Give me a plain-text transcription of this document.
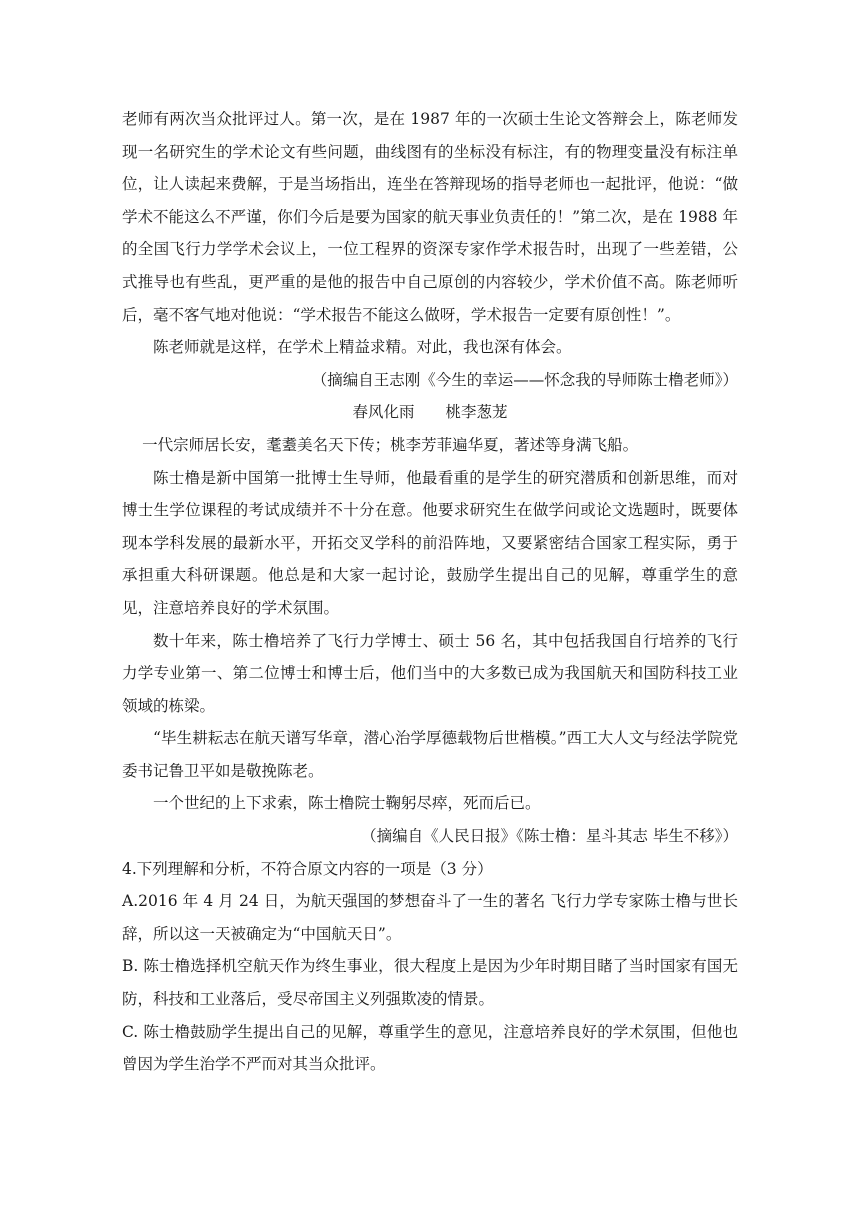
老师有两次当众批评过人。第一次，是在 1987 年的一次硕士生论文答辩会上，陈老师发现一名研究生的学术论文有些问题，曲线图有的坐标没有标注，有的物理变量没有标注单位，让人读起来费解，于是当场指出，连坐在答辩现场的指导老师也一起批评，他说：“做学术不能这么不严谨，你们今后是要为国家的航天事业负责任的！”第二次，是在 1988 年的全国飞行力学学术会议上，一位工程界的资深专家作学术报告时，出现了一些差错，公式推导也有些乱，更严重的是他的报告中自己原创的内容较少，学术价值不高。陈老师听后，毫不客气地对他说：“学术报告不能这么做呀，学术报告一定要有原创性！”。

陈老师就是这样，在学术上精益求精。对此，我也深有体会。

（摘编自王志刚《今生的幸运——怀念我的导师陈士橹老师》）

春风化雨 桃李葱茏

一代宗师居长安，耄耋美名天下传；桃李芳菲遍华夏，著述等身满飞船。

陈士橹是新中国第一批博士生导师，他最看重的是学生的研究潜质和创新思维，而对博士生学位课程的考试成绩并不十分在意。他要求研究生在做学问或论文选题时，既要体现本学科发展的最新水平，开拓交叉学科的前沿阵地，又要紧密结合国家工程实际，勇于承担重大科研课题。他总是和大家一起讨论，鼓励学生提出自己的见解，尊重学生的意见，注意培养良好的学术氛围。

数十年来，陈士橹培养了飞行力学博士、硕士 56 名，其中包括我国自行培养的飞行力学专业第一、第二位博士和博士后，他们当中的大多数已成为我国航天和国防科技工业领域的栋梁。

“毕生耕耘志在航天谱写华章，潜心治学厚德载物后世楷模。”西工大人文与经法学院党委书记鲁卫平如是敬挽陈老。

一个世纪的上下求索，陈士橹院士鞠躬尽瘁，死而后已。

（摘编自《人民日报》《陈士橹：星斗其志 毕生不移》）

4.下列理解和分析，不符合原文内容的一项是（3 分）

A.2016 年 4 月 24 日，为航天强国的梦想奋斗了一生的著名 飞行力学专家陈士橹与世长辞，所以这一天被确定为“中国航天日”。

B. 陈士橹选择机空航天作为终生事业，很大程度上是因为少年时期目睹了当时国家有国无防，科技和工业落后，受尽帝国主义列强欺凌的情景。

C. 陈士橹鼓励学生提出自己的见解，尊重学生的意见，注意培养良好的学术氛围，但他也曾因为学生治学不严而对其当众批评。
